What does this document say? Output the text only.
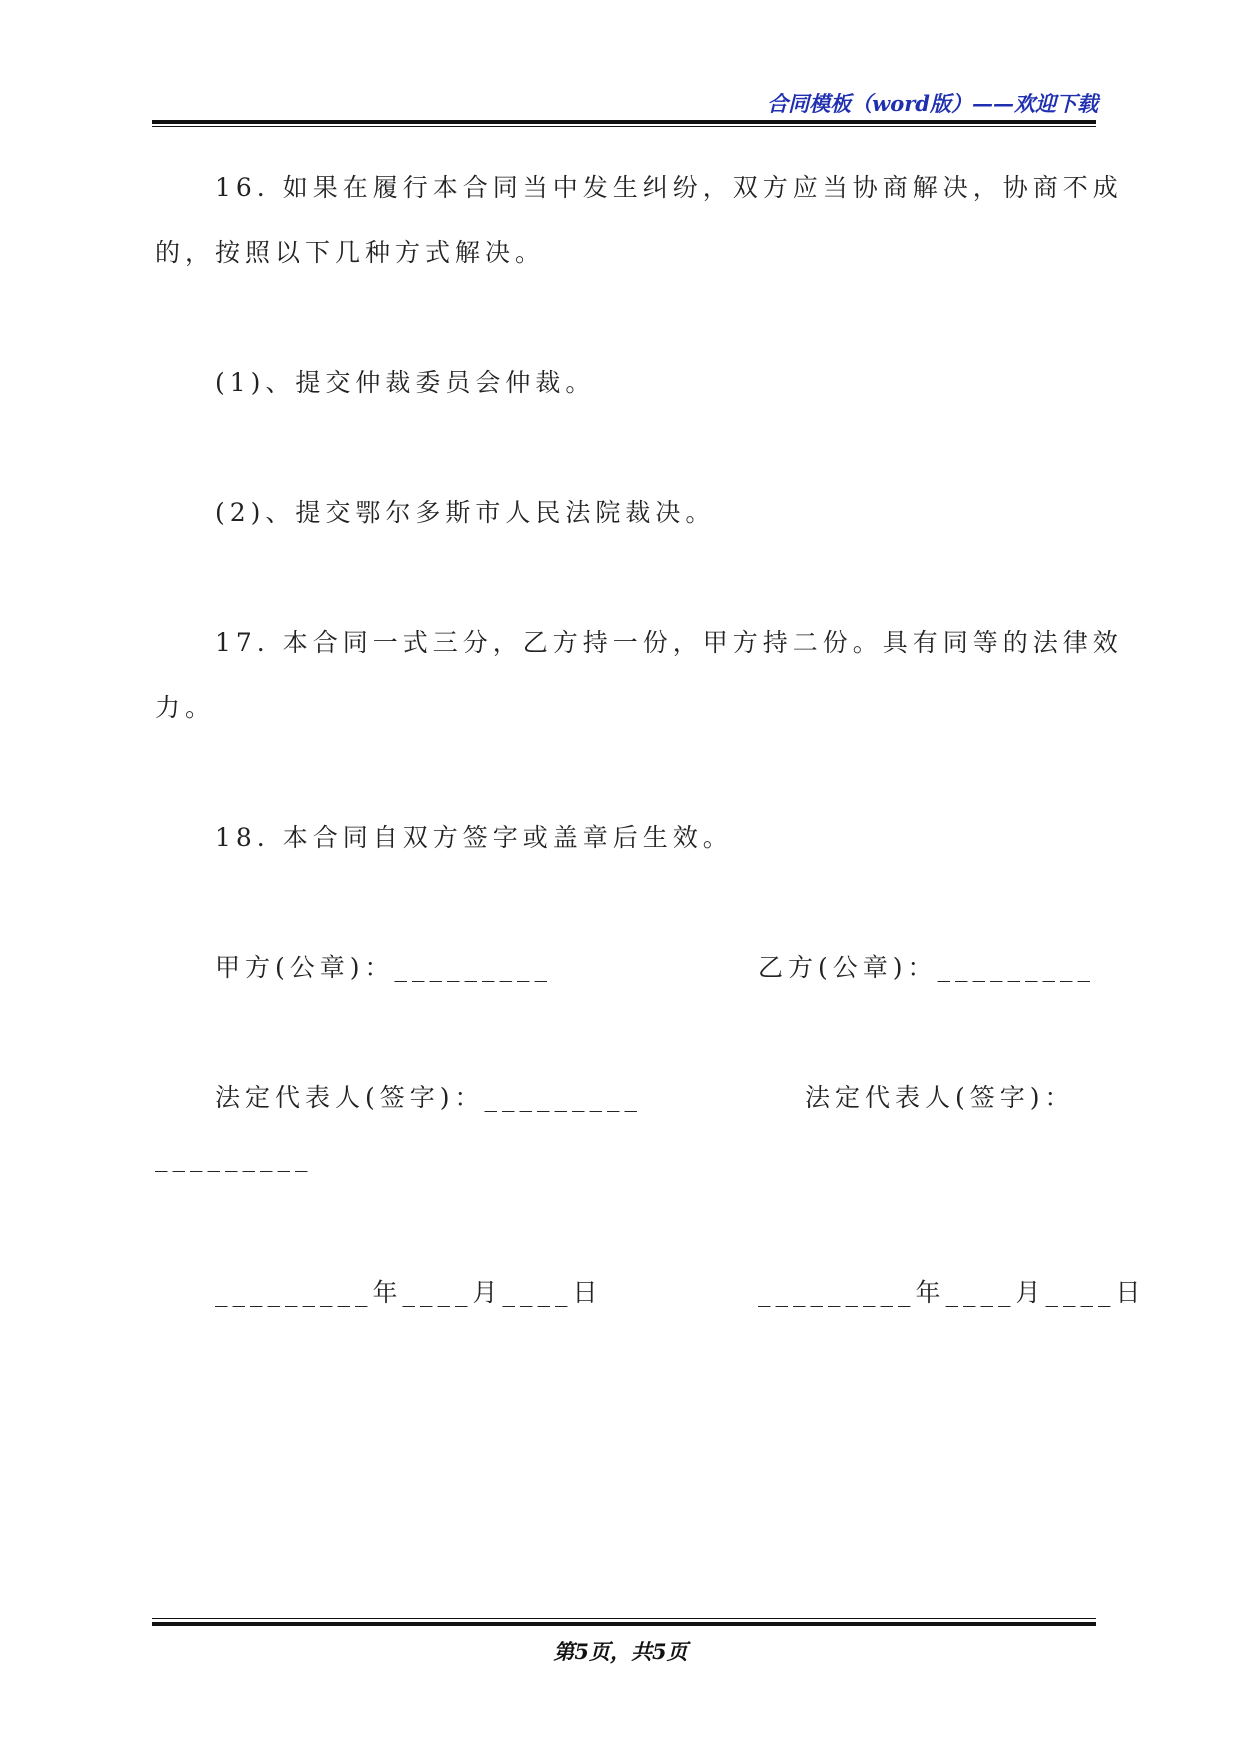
合同模板（word版）——欢迎下载
16. 如果在履行本合同当中发生纠纷，双方应当协商解决，协商不成
的，按照以下几种方式解决。
(1)、提交仲裁委员会仲裁。
(2)、提交鄂尔多斯市人民法院裁决。
17. 本合同一式三分，乙方持一份，甲方持二份。具有同等的法律效
力。
18. 本合同自双方签字或盖章后生效。
甲方(公章)：_________	乙方(公章)：_________
法定代表人(签字)：_________	法定代表人(签字)：
_________
_________年____月____日	_________年____月____日
第5页，共5页
